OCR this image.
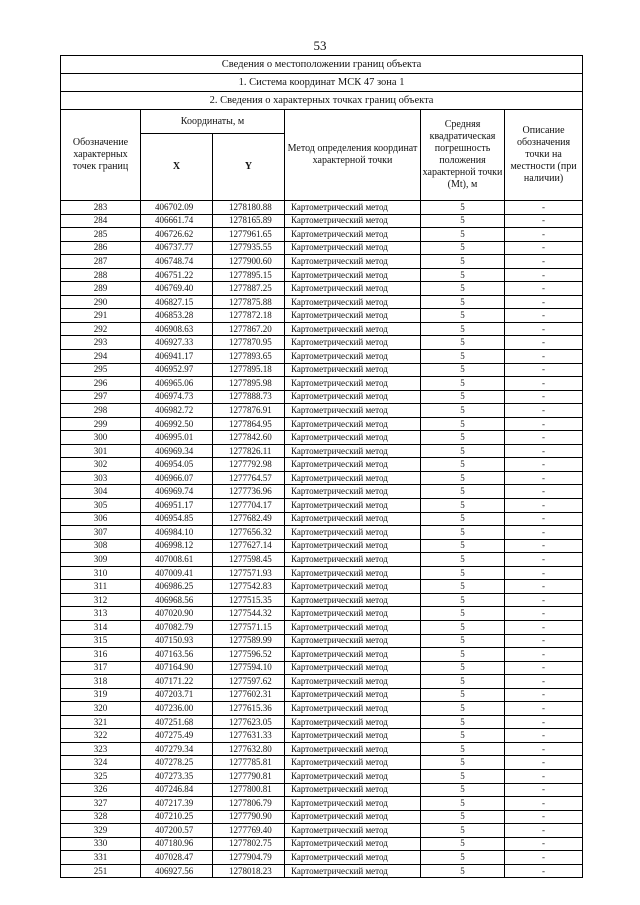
53
Сведения о местоположении границ объекта					
1. Система координат МСК 47 зона 1					
2. Сведения о характерных точках границ объекта					
Обозначение характерных точек границ	Координаты, м		Метод определения координат характерной точки	Средняя квадратическая погрешность положения характерной точки (Mt), м	Описание обозначения точки на местности (при наличии)
	X	Y			
283	406702.09	1278180.88	Картометрический метод	5	-
284	406661.74	1278165.89	Картометрический метод	5	-
285	406726.62	1277961.65	Картометрический метод	5	-
286	406737.77	1277935.55	Картометрический метод	5	-
287	406748.74	1277900.60	Картометрический метод	5	-
288	406751.22	1277895.15	Картометрический метод	5	-
289	406769.40	1277887.25	Картометрический метод	5	-
290	406827.15	1277875.88	Картометрический метод	5	-
291	406853.28	1277872.18	Картометрический метод	5	-
292	406908.63	1277867.20	Картометрический метод	5	-
293	406927.33	1277870.95	Картометрический метод	5	-
294	406941.17	1277893.65	Картометрический метод	5	-
295	406952.97	1277895.18	Картометрический метод	5	-
296	406965.06	1277895.98	Картометрический метод	5	-
297	406974.73	1277888.73	Картометрический метод	5	-
298	406982.72	1277876.91	Картометрический метод	5	-
299	406992.50	1277864.95	Картометрический метод	5	-
300	406995.01	1277842.60	Картометрический метод	5	-
301	406969.34	1277826.11	Картометрический метод	5	-
302	406954.05	1277792.98	Картометрический метод	5	-
303	406966.07	1277764.57	Картометрический метод	5	-
304	406969.74	1277736.96	Картометрический метод	5	-
305	406951.17	1277704.17	Картометрический метод	5	-
306	406954.85	1277682.49	Картометрический метод	5	-
307	406984.10	1277656.32	Картометрический метод	5	-
308	406998.12	1277627.14	Картометрический метод	5	-
309	407008.61	1277598.45	Картометрический метод	5	-
310	407009.41	1277571.93	Картометрический метод	5	-
311	406986.25	1277542.83	Картометрический метод	5	-
312	406968.56	1277515.35	Картометрический метод	5	-
313	407020.90	1277544.32	Картометрический метод	5	-
314	407082.79	1277571.15	Картометрический метод	5	-
315	407150.93	1277589.99	Картометрический метод	5	-
316	407163.56	1277596.52	Картометрический метод	5	-
317	407164.90	1277594.10	Картометрический метод	5	-
318	407171.22	1277597.62	Картометрический метод	5	-
319	407203.71	1277602.31	Картометрический метод	5	-
320	407236.00	1277615.36	Картометрический метод	5	-
321	407251.68	1277623.05	Картометрический метод	5	-
322	407275.49	1277631.33	Картометрический метод	5	-
323	407279.34	1277632.80	Картометрический метод	5	-
324	407278.25	1277785.81	Картометрический метод	5	-
325	407273.35	1277790.81	Картометрический метод	5	-
326	407246.84	1277800.81	Картометрический метод	5	-
327	407217.39	1277806.79	Картометрический метод	5	-
328	407210.25	1277790.90	Картометрический метод	5	-
329	407200.57	1277769.40	Картометрический метод	5	-
330	407180.96	1277802.75	Картометрический метод	5	-
331	407028.47	1277904.79	Картометрический метод	5	-
251	406927.56	1278018.23	Картометрический метод	5	-
